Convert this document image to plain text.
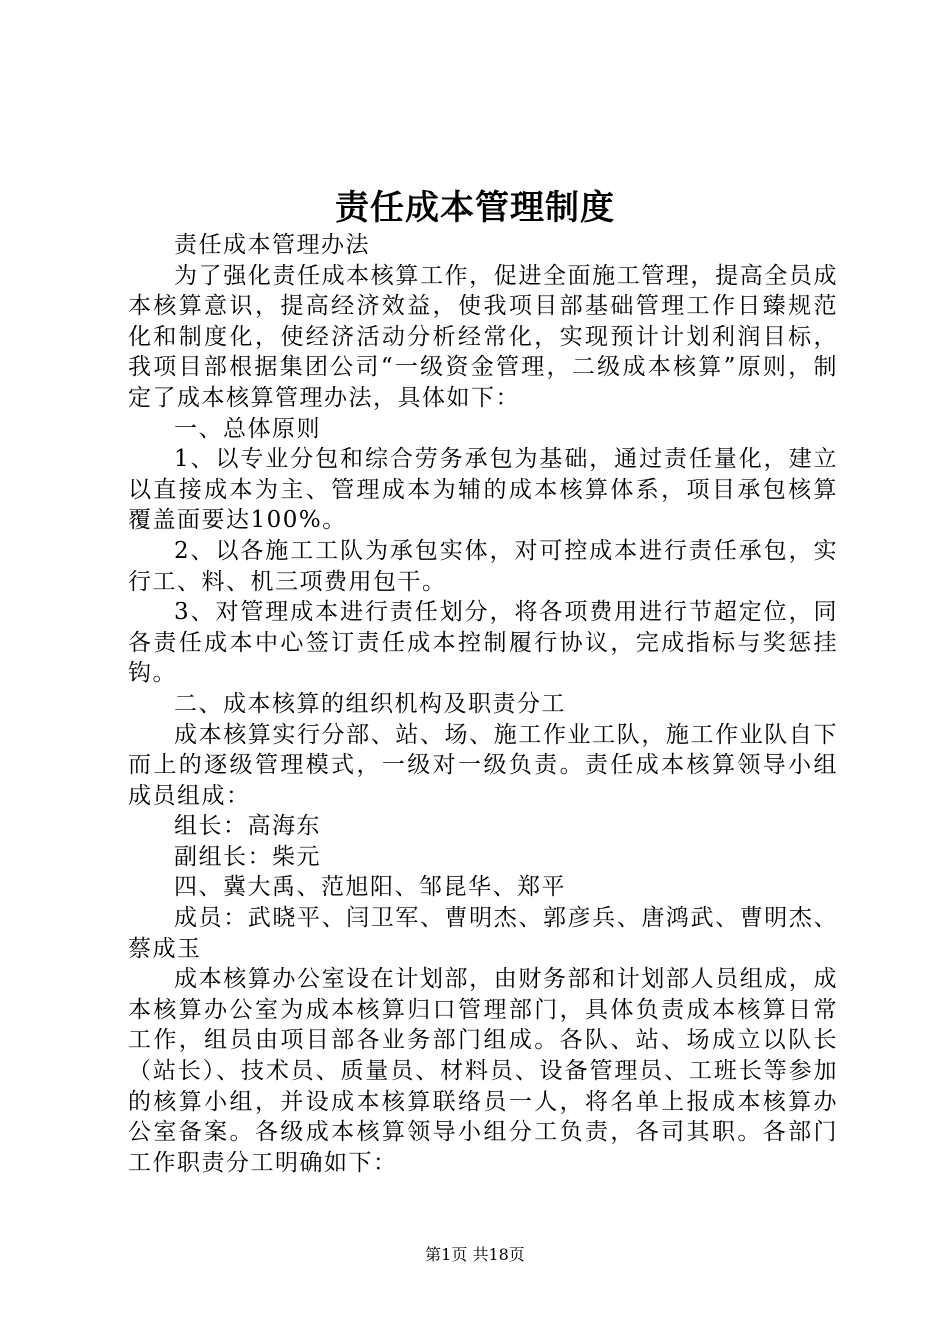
责任成本管理制度

责任成本管理办法

为了强化责任成本核算工作，促进全面施工管理，提高全员成本核算意识，提高经济效益，使我项目部基础管理工作日臻规范化和制度化，使经济活动分析经常化，实现预计计划利润目标，我项目部根据集团公司“一级资金管理，二级成本核算”原则，制定了成本核算管理办法，具体如下：

一、总体原则

1、以专业分包和综合劳务承包为基础，通过责任量化，建立以直接成本为主、管理成本为辅的成本核算体系，项目承包核算覆盖面要达100%。

2、以各施工工队为承包实体，对可控成本进行责任承包，实行工、料、机三项费用包干。

3、对管理成本进行责任划分，将各项费用进行节超定位，同各责任成本中心签订责任成本控制履行协议，完成指标与奖惩挂钩。

二、成本核算的组织机构及职责分工

成本核算实行分部、站、场、施工作业工队，施工作业队自下而上的逐级管理模式，一级对一级负责。责任成本核算领导小组成员组成：

组长：高海东

副组长：柴元

四、冀大禹、范旭阳、邹昆华、郑平

成员：武晓平、闫卫军、曹明杰、郭彦兵、唐鸿武、曹明杰、蔡成玉

成本核算办公室设在计划部，由财务部和计划部人员组成，成本核算办公室为成本核算归口管理部门，具体负责成本核算日常工作，组员由项目部各业务部门组成。各队、站、场成立以队长（站长）、技术员、质量员、材料员、设备管理员、工班长等参加的核算小组，并设成本核算联络员一人，将名单上报成本核算办公室备案。各级成本核算领导小组分工负责，各司其职。各部门工作职责分工明确如下：

第1页 共18页
